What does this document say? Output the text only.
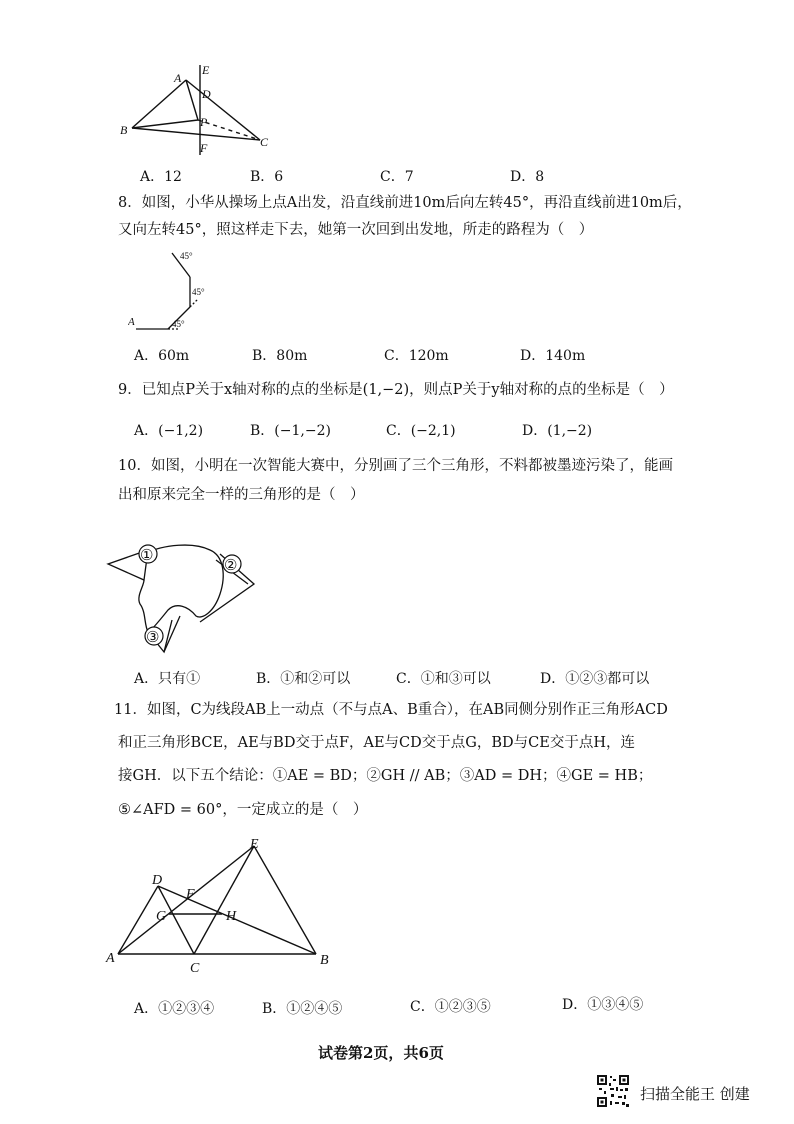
A
B
C
D
E
F
P
A．12	B．6	C．7	D．8
8．如图，小华从操场上点A出发，沿直线前进10m后向左转45°，再沿直线前进10m后，
又向左转45°，照这样走下去，她第一次回到出发地，所走的路程为（　）
A	45°
45°
45°
A．60m	B．80m	C．120m	D．140m
9．已知点P关于x轴对称的点的坐标是(1,−2)，则点P关于y轴对称的点的坐标是（　）
A．(−1,2)	B．(−1,−2)	C．(−2,1)	D．(1,−2)
10．如图，小明在一次智能大赛中，分别画了三个三角形，不料都被墨迹污染了，能画
出和原来完全一样的三角形的是（　）
①
②
③
A．只有①	B．①和②可以	C．①和③可以	D．①②③都可以
11．如图，C为线段AB上一动点（不与点A、B重合），在AB同侧分别作正三角形ACD
和正三角形BCE，AE与BD交于点F，AE与CD交于点G，BD与CE交于点H，连
接GH．以下五个结论：①AE = BD；②GH // AB；③AD = DH；④GE = HB；
⑤∠AFD = 60°，一定成立的是（　）
A	B
C
D
E
F
G	H
A．①②③④	B．①②④⑤	C．①②③⑤	D．①③④⑤
试卷第2页，共6页
扫描全能王 创建
